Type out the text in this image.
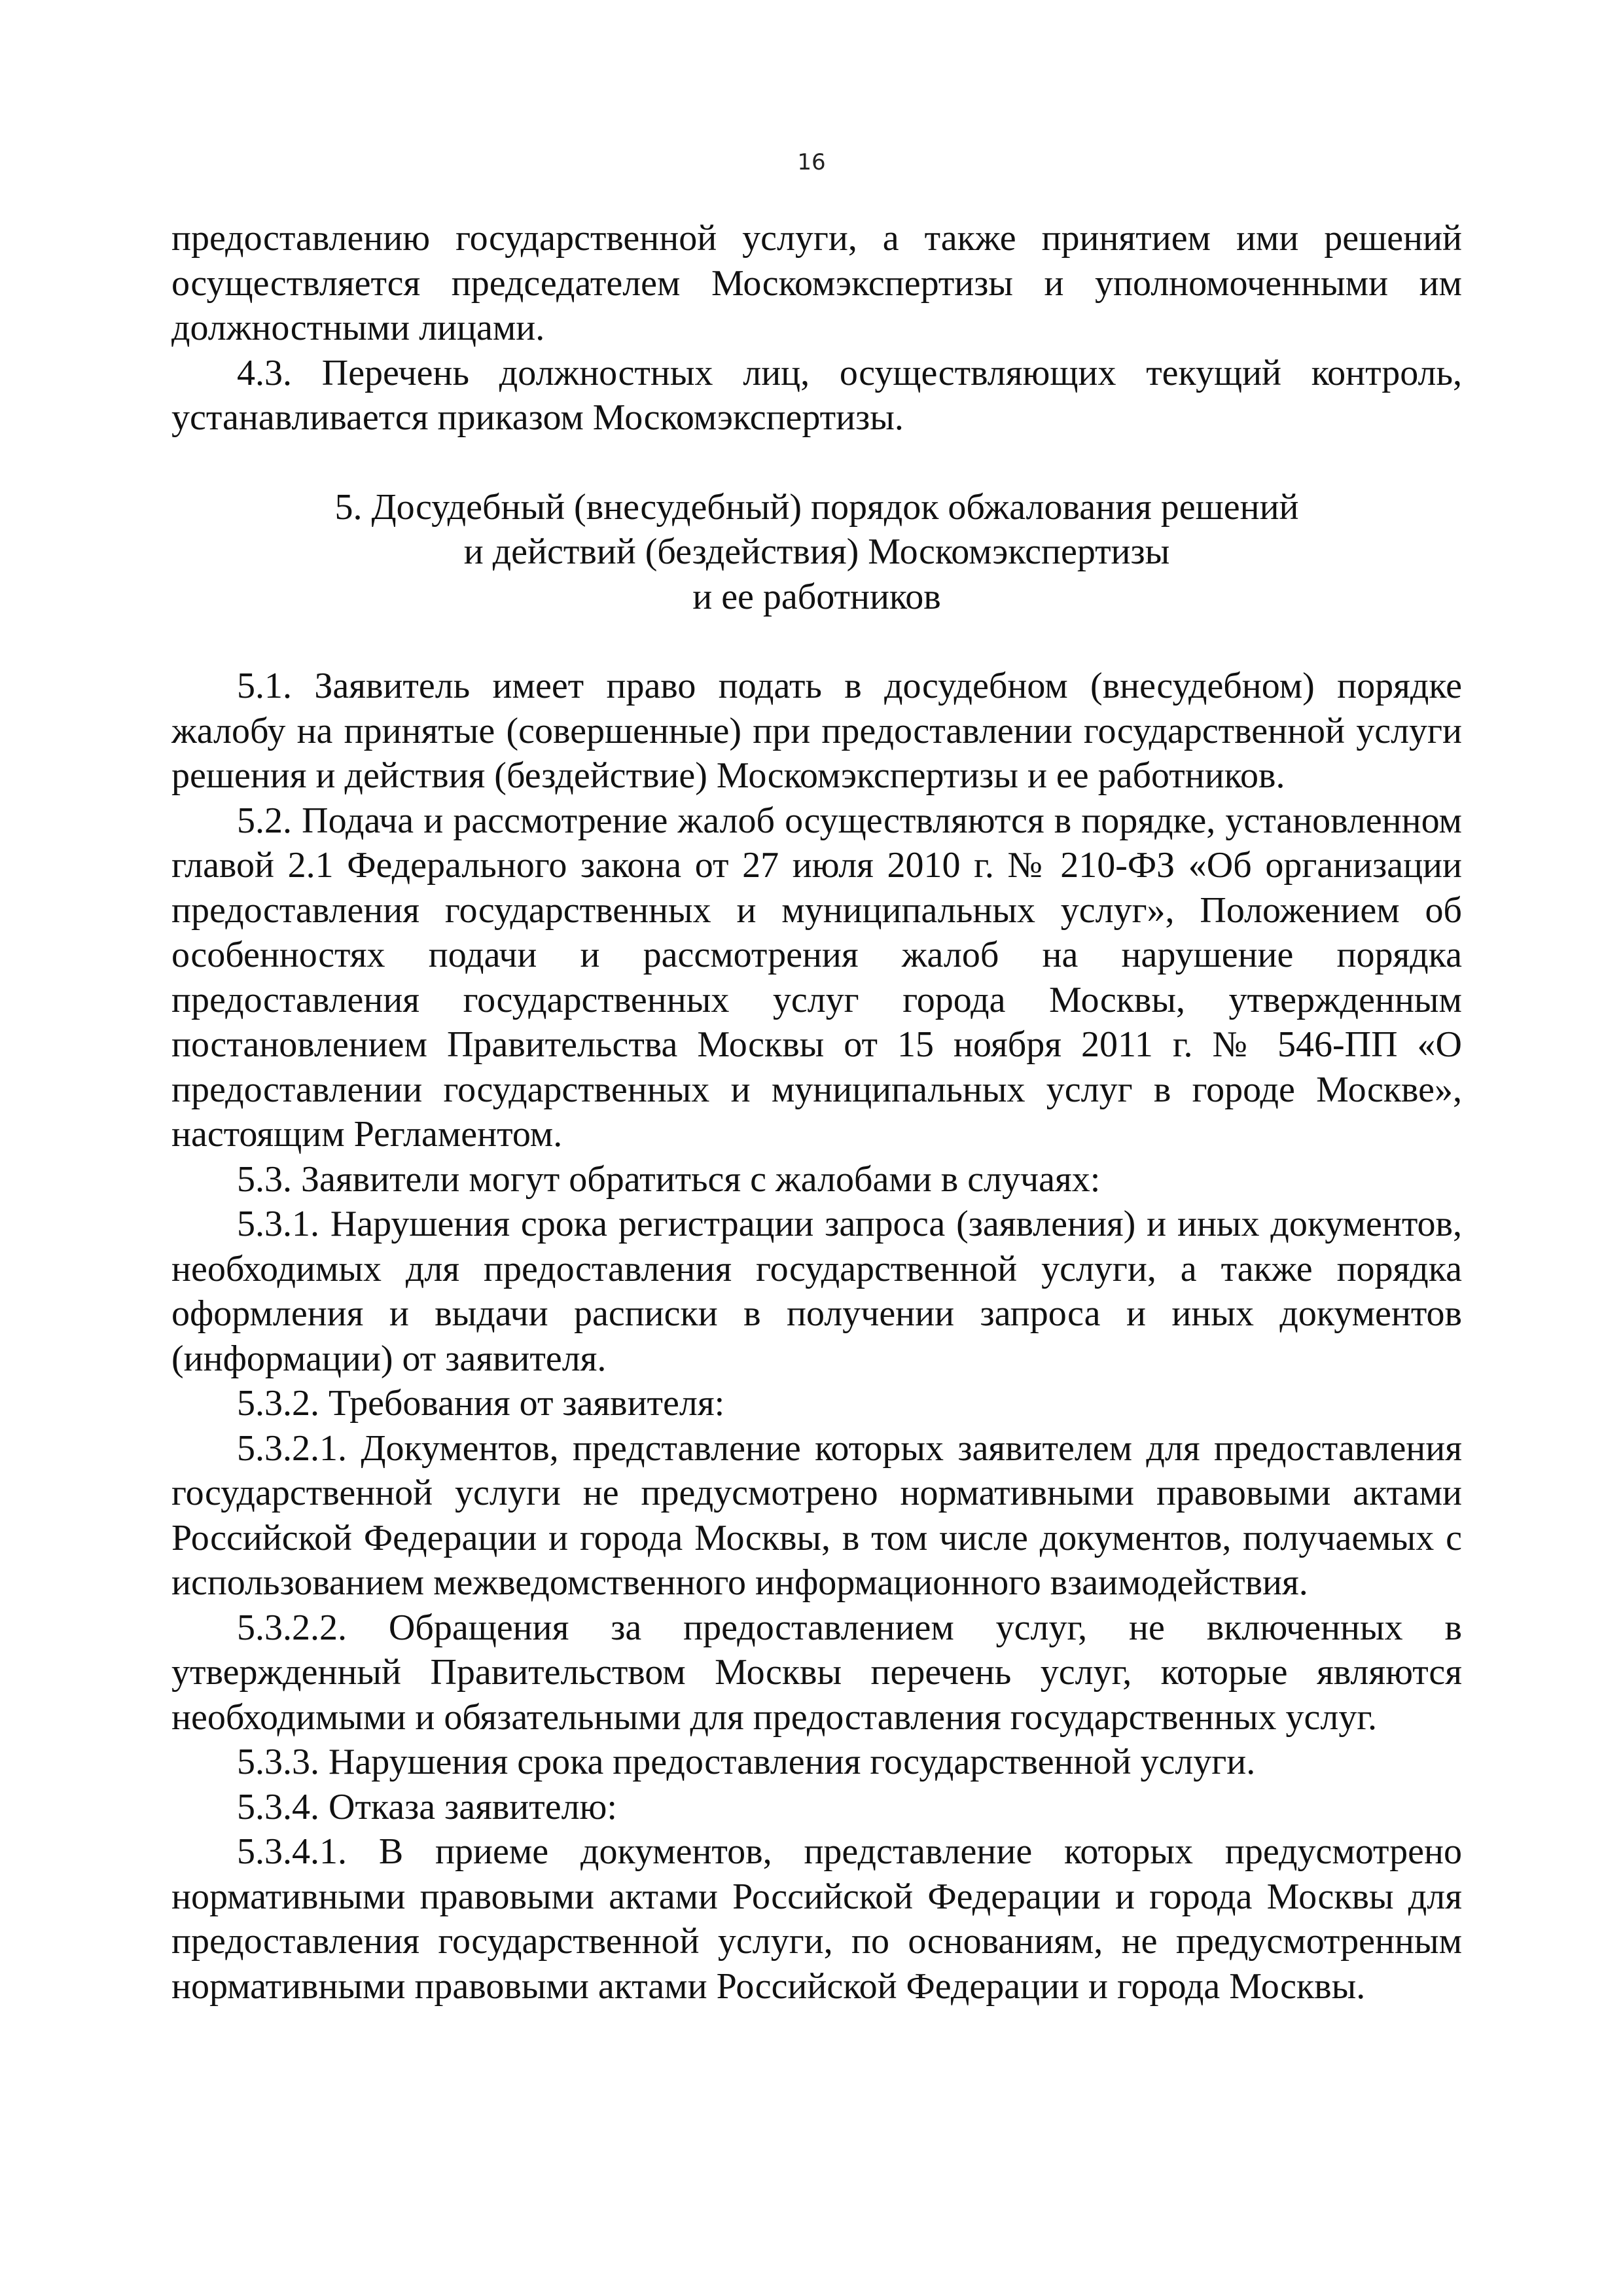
16

предоставлению государственной услуги, а также принятием ими решений осуществляется председателем Москомэкспертизы и уполномоченными им должностными лицами.

4.3. Перечень должностных лиц, осуществляющих текущий контроль, устанавливается приказом Москомэкспертизы.

5. Досудебный (внесудебный) порядок обжалования решений
и действий (бездействия) Москомэкспертизы
и ее работников

5.1. Заявитель имеет право подать в досудебном (внесудебном) порядке жалобу на принятые (совершенные) при предоставлении государственной услуги решения и действия (бездействие) Москомэкспертизы и ее работников.

5.2. Подача и рассмотрение жалоб осуществляются в порядке, установленном главой 2.1 Федерального закона от 27 июля 2010 г. № 210-ФЗ «Об организации предоставления государственных и муниципальных услуг», Положением об особенностях подачи и рассмотрения жалоб на нарушение порядка предоставления государственных услуг города Москвы, утвержденным постановлением Правительства Москвы от 15 ноября 2011 г. № 546-ПП «О предоставлении государственных и муниципальных услуг в городе Москве», настоящим Регламентом.

5.3. Заявители могут обратиться с жалобами в случаях:

5.3.1. Нарушения срока регистрации запроса (заявления) и иных документов, необходимых для предоставления государственной услуги, а также порядка оформления и выдачи расписки в получении запроса и иных документов (информации) от заявителя.

5.3.2. Требования от заявителя:

5.3.2.1. Документов, представление которых заявителем для предоставления государственной услуги не предусмотрено нормативными правовыми актами Российской Федерации и города Москвы, в том числе документов, получаемых с использованием межведомственного информационного взаимодействия.

5.3.2.2. Обращения за предоставлением услуг, не включенных в утвержденный Правительством Москвы перечень услуг, которые являются необходимыми и обязательными для предоставления государственных услуг.

5.3.3. Нарушения срока предоставления государственной услуги.

5.3.4. Отказа заявителю:

5.3.4.1. В приеме документов, представление которых предусмотрено нормативными правовыми актами Российской Федерации и города Москвы для предоставления государственной услуги, по основаниям, не предусмотренным нормативными правовыми актами Российской Федерации и города Москвы.
